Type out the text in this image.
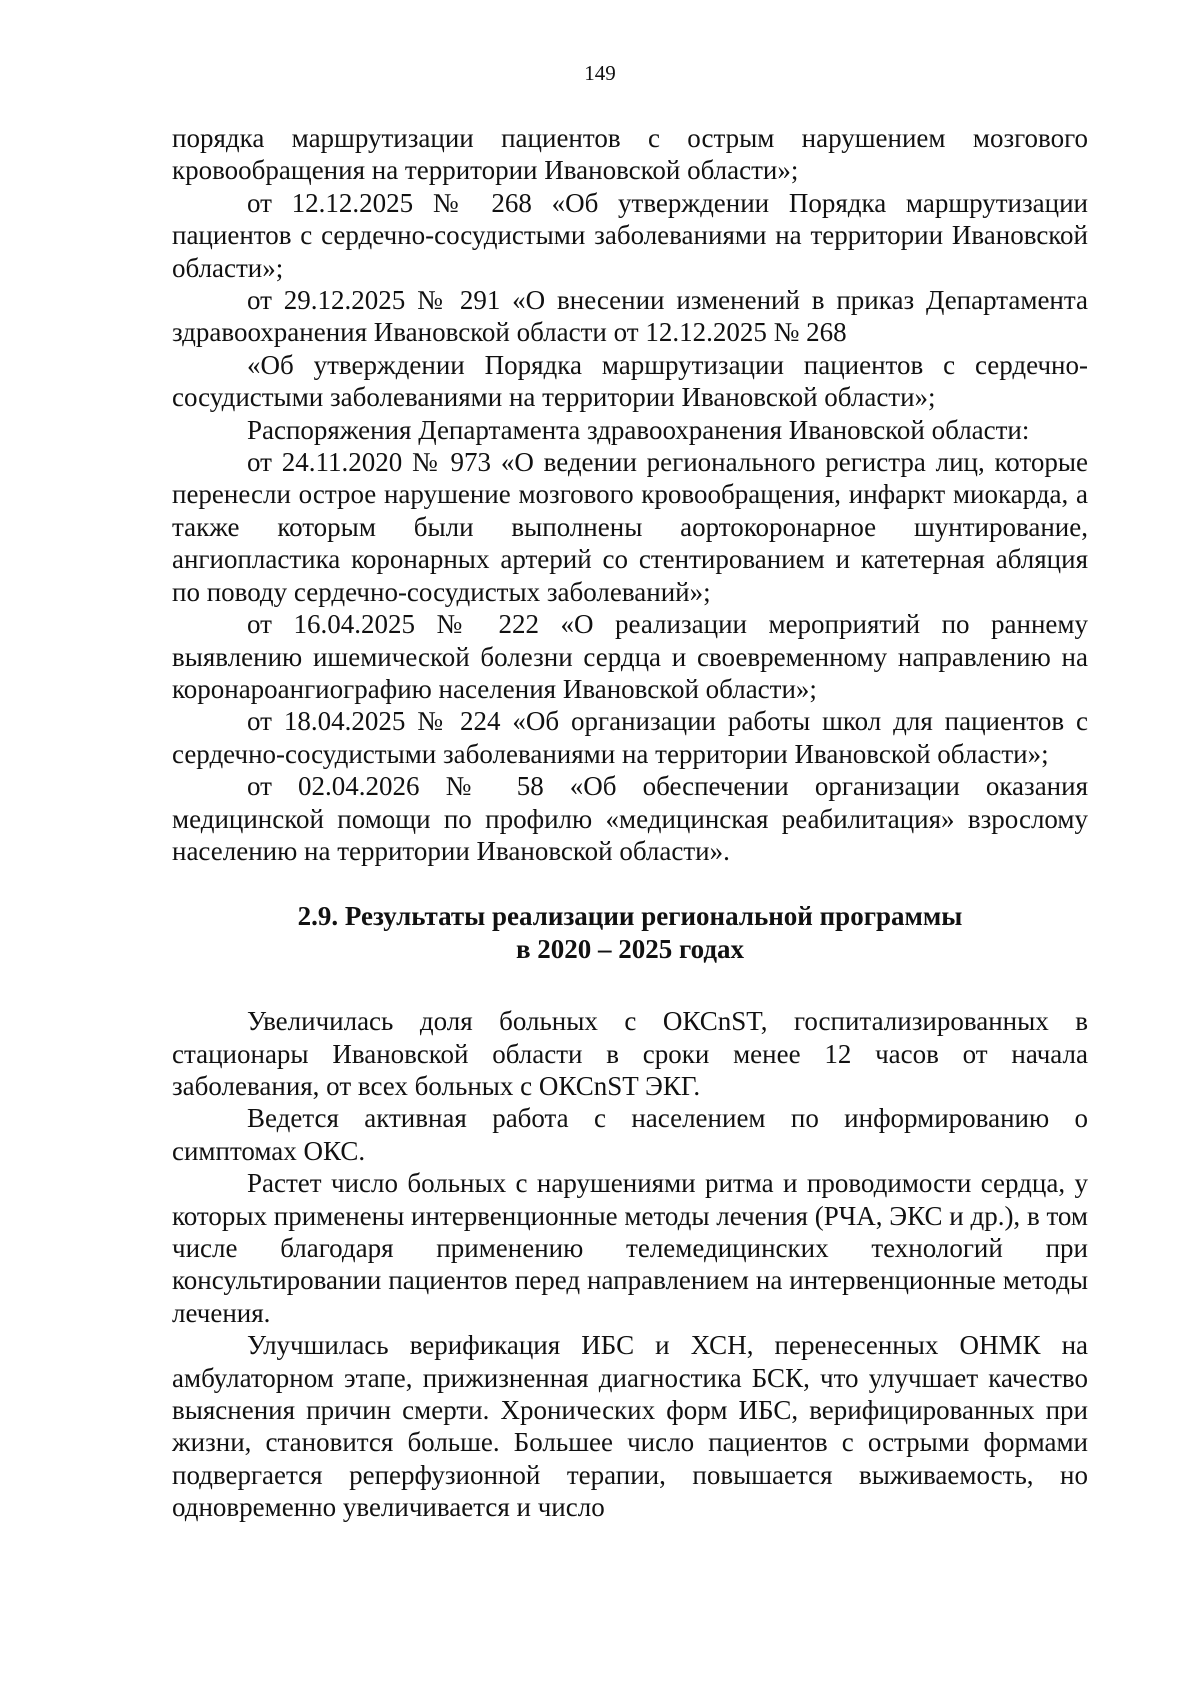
149

порядка маршрутизации пациентов с острым нарушением мозгового кровообращения на территории Ивановской области»;

от 12.12.2025 № 268 «Об утверждении Порядка маршрутизации пациентов с сердечно-сосудистыми заболеваниями на территории Ивановской области»;

от 29.12.2025 № 291 «О внесении изменений в приказ Департамента здравоохранения Ивановской области от 12.12.2025 № 268

«Об утверждении Порядка маршрутизации пациентов с сердечно-сосудистыми заболеваниями на территории Ивановской области»;

Распоряжения Департамента здравоохранения Ивановской области:

от 24.11.2020 № 973 «О ведении регионального регистра лиц, которые перенесли острое нарушение мозгового кровообращения, инфаркт миокарда, а также которым были выполнены аортокоронарное шунтирование, ангиопластика коронарных артерий со стентированием и катетерная абляция по поводу сердечно-сосудистых заболеваний»;

от 16.04.2025 № 222 «О реализации мероприятий по раннему выявлению ишемической болезни сердца и своевременному направлению на коронароангиографию населения Ивановской области»;

от 18.04.2025 № 224 «Об организации работы школ для пациентов с сердечно-сосудистыми заболеваниями на территории Ивановской области»;

от 02.04.2026 № 58 «Об обеспечении организации оказания медицинской помощи по профилю «медицинская реабилитация» взрослому населению на территории Ивановской области».

2.9. Результаты реализации региональной программы
в 2020 – 2025 годах

Увеличилась доля больных с ОКСnST, госпитализированных в стационары Ивановской области в сроки менее 12 часов от начала заболевания, от всех больных с ОКСnST ЭКГ.

Ведется активная работа с населением по информированию о симптомах ОКС.

Растет число больных с нарушениями ритма и проводимости сердца, у которых применены интервенционные методы лечения (РЧА, ЭКС и др.), в том числе благодаря применению телемедицинских технологий при консультировании пациентов перед направлением на интервенционные методы лечения.

Улучшилась верификация ИБС и ХСН, перенесенных ОНМК на амбулаторном этапе, прижизненная диагностика БСК, что улучшает качество выяснения причин смерти. Хронических форм ИБС, верифицированных при жизни, становится больше. Большее число пациентов с острыми формами подвергается реперфузионной терапии, повышается выживаемость, но одновременно увеличивается и число
